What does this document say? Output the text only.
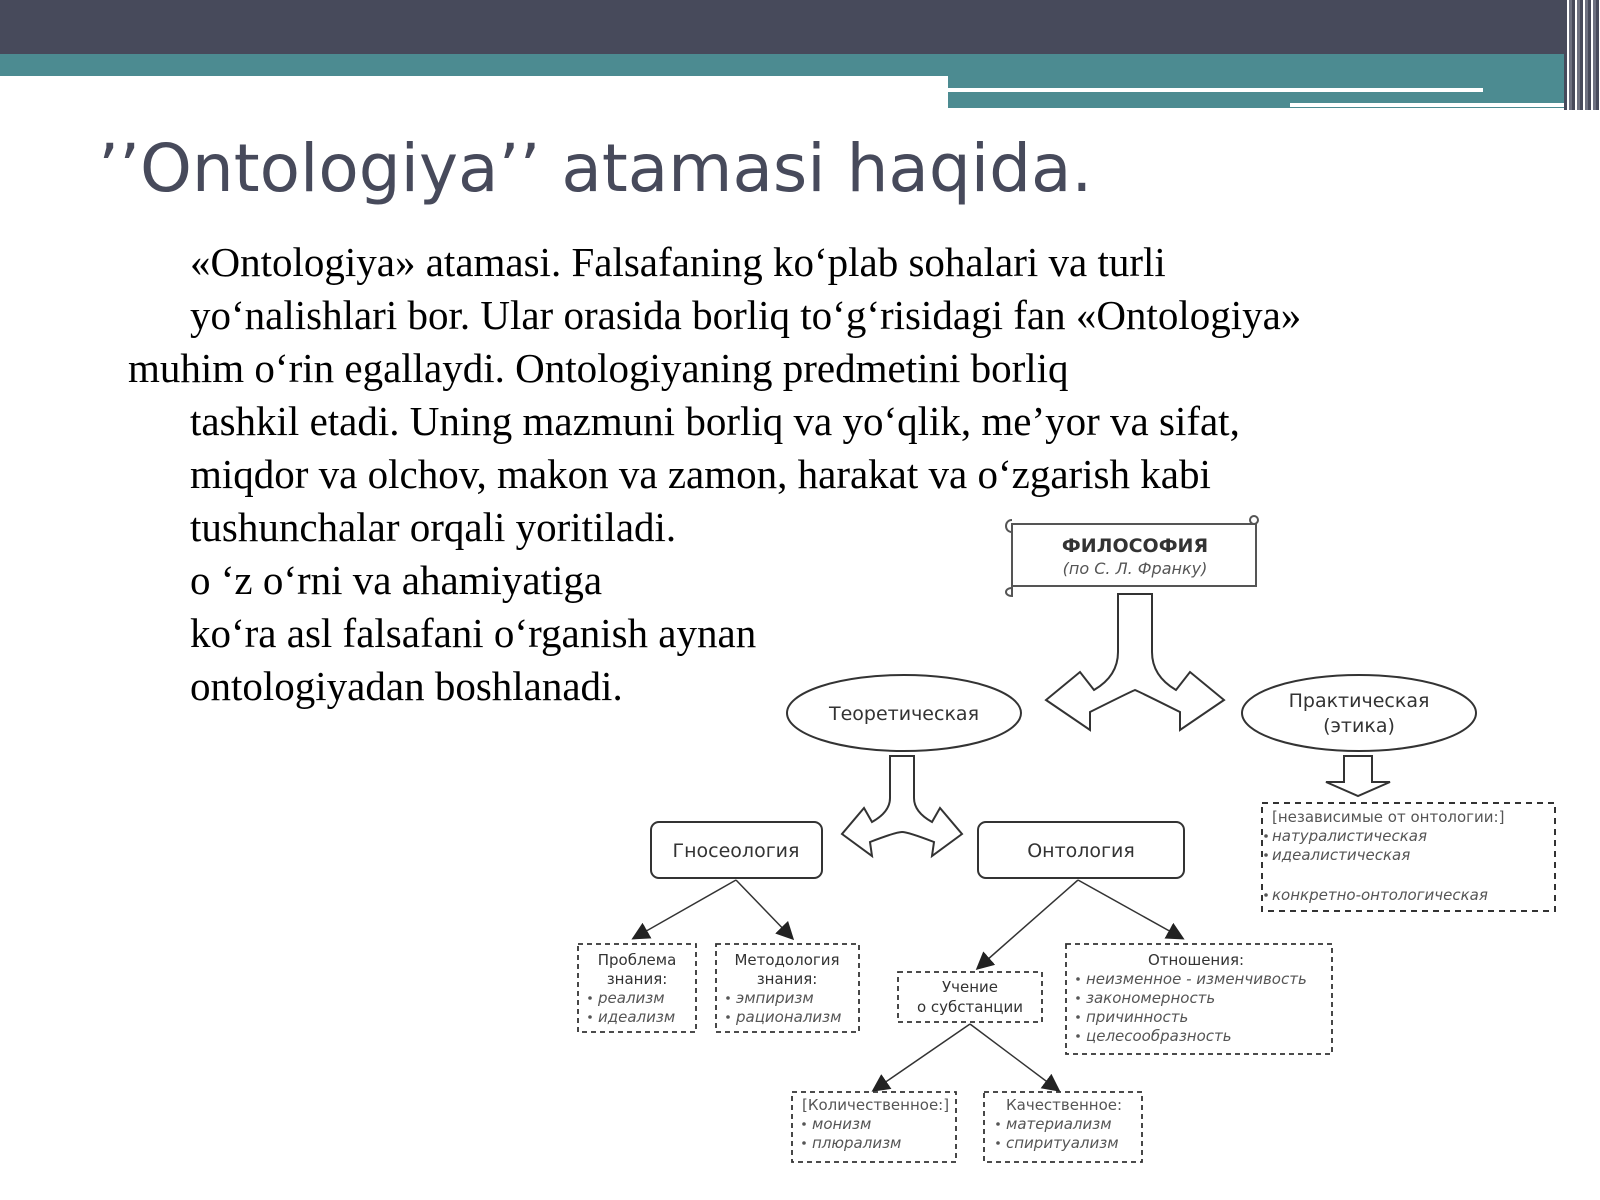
’’Ontologiya’’ atamasi haqida.
«Ontologiya» atamasi. Falsafaning ko‘plab sohalari va turli
yo‘nalishlari bor. Ular orasida borliq to‘g‘risidagi fan «Ontologiya»
muhim o‘rin egallaydi. Ontologiyaning predmetini borliq
tashkil etadi. Uning mazmuni borliq va yo‘qlik, me’yor va sifat,
miqdor va olchov, makon va zamon, harakat va o‘zgarish kabi
tushunchalar orqali yoritiladi.
o ‘z o‘rni va ahamiyatiga
ko‘ra asl falsafani o‘rganish aynan
ontologiyadan boshlanadi.
ФИЛОСОФИЯ
(по С. Л. Франку)
Теоретическая
Практическая
(этика)
[независимые от онтологии:]
натуралистическая
идеалистическая
конкретно-онтологическая
Гносеология	Онтология
Проблема
знания:
реализм
идеализм
Методология
знания:
эмпиризм
рационализм
Учение
о субстанции
Отношения:
неизменное - изменчивость
закономерность
причинность
целесообразность
[Количественное:]
монизм
плюрализм
Качественное:
материализм
спиритуализм
